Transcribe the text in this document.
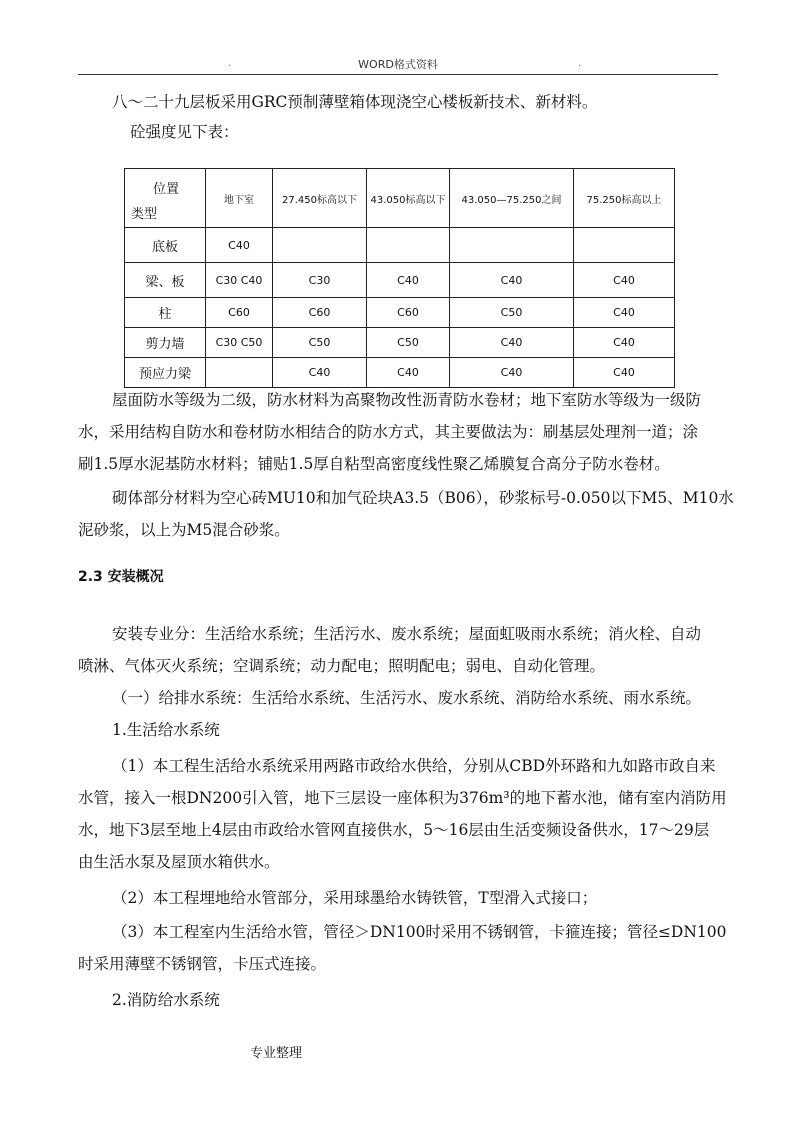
.	WORD格式资料	.
八～二十九层板采用GRC预制薄壁箱体现浇空心楼板新技术、新材料。
砼强度见下表：
位置
类型	地下室	27.450标高以下	43.050标高以下	43.050—75.250之间	75.250标高以上
底板	C40				
梁、板	C30 C40	C30	C40	C40	C40
柱	C60	C60	C60	C50	C40
剪力墙	C30 C50	C50	C50	C40	C40
预应力梁		C40	C40	C40	C40
屋面防水等级为二级，防水材料为高聚物改性沥青防水卷材；地下室防水等级为一级防
水，采用结构自防水和卷材防水相结合的防水方式，其主要做法为：刷基层处理剂一道；涂
刷1.5厚水泥基防水材料；铺贴1.5厚自粘型高密度线性聚乙烯膜复合高分子防水卷材。
砌体部分材料为空心砖MU10和加气砼块A3.5（B06），砂浆标号-0.050以下M5、M10水
泥砂浆，以上为M5混合砂浆。
2.3 安装概况
安装专业分：生活给水系统；生活污水、废水系统；屋面虹吸雨水系统；消火栓、自动
喷淋、气体灭火系统；空调系统；动力配电；照明配电；弱电、自动化管理。
（一）给排水系统：生活给水系统、生活污水、废水系统、消防给水系统、雨水系统。
1.生活给水系统
（1）本工程生活给水系统采用两路市政给水供给，分别从CBD外环路和九如路市政自来
水管，接入一根DN200引入管，地下三层设一座体积为376m³的地下蓄水池，储有室内消防用
水，地下3层至地上4层由市政给水管网直接供水，5～16层由生活变频设备供水，17～29层
由生活水泵及屋顶水箱供水。
（2）本工程埋地给水管部分，采用球墨给水铸铁管，T型滑入式接口；
（3）本工程室内生活给水管，管径＞DN100时采用不锈钢管，卡箍连接；管径≤DN100
时采用薄壁不锈钢管，卡压式连接。
2.消防给水系统
专业整理
